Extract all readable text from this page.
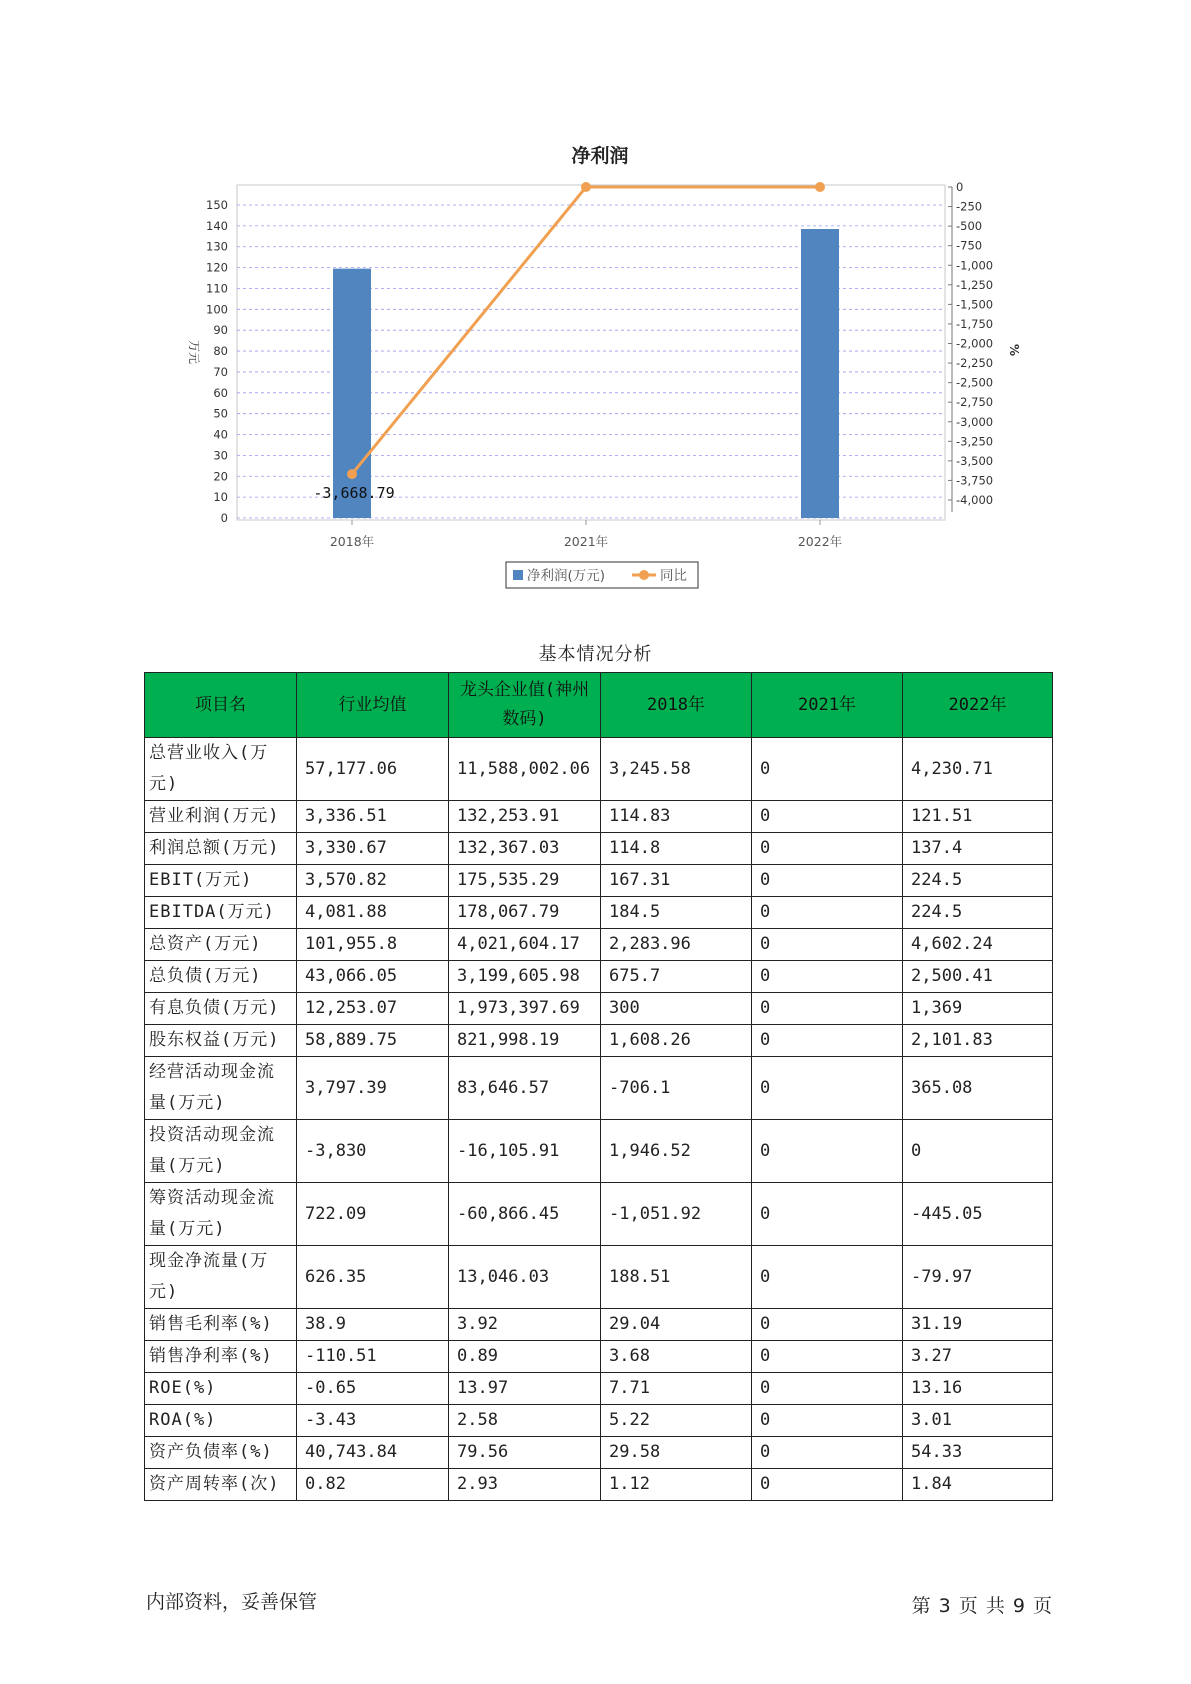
净利润
0
10
20
30
40
50
60
70
80
90
100
110
120
130
140
150
0
-250
-500
-750
-1,000
-1,250
-1,500
-1,750
-2,000
-2,250
-2,500
-2,750
-3,000
-3,250
-3,500
-3,750
-4,000
万元	%
2018年	2021年	2022年
-3,668.79
净利润(万元)	同比
基本情况分析
项目名	行业均值	龙头企业值(神州数码)	2018年	2021年	2022年
总营业收入(万元)	57,177.06	11,588,002.06	3,245.58	0	4,230.71
营业利润(万元)	3,336.51	132,253.91	114.83	0	121.51
利润总额(万元)	3,330.67	132,367.03	114.8	0	137.4
EBIT(万元)	3,570.82	175,535.29	167.31	0	224.5
EBITDA(万元)	4,081.88	178,067.79	184.5	0	224.5
总资产(万元)	101,955.8	4,021,604.17	2,283.96	0	4,602.24
总负债(万元)	43,066.05	3,199,605.98	675.7	0	2,500.41
有息负债(万元)	12,253.07	1,973,397.69	300	0	1,369
股东权益(万元)	58,889.75	821,998.19	1,608.26	0	2,101.83
经营活动现金流量(万元)	3,797.39	83,646.57	-706.1	0	365.08
投资活动现金流量(万元)	-3,830	-16,105.91	1,946.52	0	0
筹资活动现金流量(万元)	722.09	-60,866.45	-1,051.92	0	-445.05
现金净流量(万元)	626.35	13,046.03	188.51	0	-79.97
销售毛利率(%)	38.9	3.92	29.04	0	31.19
销售净利率(%)	-110.51	0.89	3.68	0	3.27
ROE(%)	-0.65	13.97	7.71	0	13.16
ROA(%)	-3.43	2.58	5.22	0	3.01
资产负债率(%)	40,743.84	79.56	29.58	0	54.33
资产周转率(次)	0.82	2.93	1.12	0	1.84
内部资料，妥善保管	第 3 页 共 9 页
